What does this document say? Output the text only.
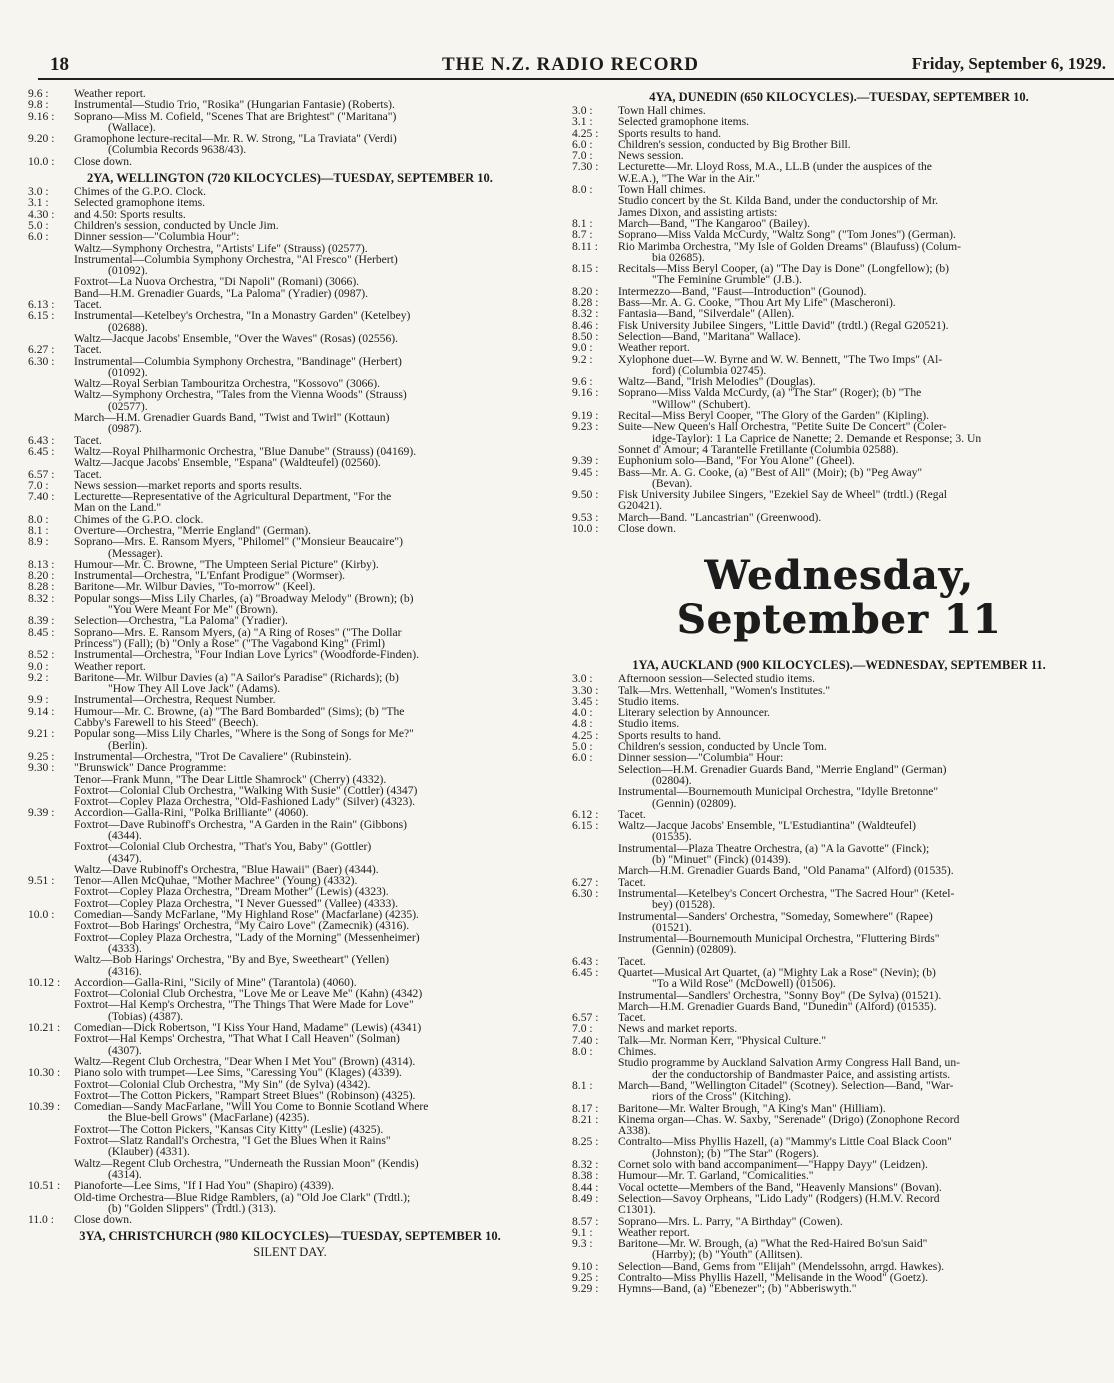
18	THE N.Z. RADIO RECORD	Friday, September 6, 1929.
9.6 :	Weather report.
9.8 :	Instrumental—Studio Trio, "Rosika" (Hungarian Fantasie) (Roberts).
9.16 :	Soprano—Miss M. Cofield, "Scenes That are Brightest" ("Maritana")
(Wallace).
9.20 :	Gramophone lecture-recital—Mr. R. W. Strong, "La Traviata" (Verdi)
(Columbia Records 9638/43).
10.0 :	Close down.
2YA, WELLINGTON (720 KILOCYCLES)—TUESDAY, SEPTEMBER 10.
3.0 :	Chimes of the G.P.O. Clock.
3.1 :	Selected gramophone items.
4.30 :	and 4.50: Sports results.
5.0 :	Children's session, conducted by Uncle Jim.
6.0 :	Dinner session—"Columbia Hour":
Waltz—Symphony Orchestra, "Artists' Life" (Strauss) (02577).
Instrumental—Columbia Symphony Orchestra, "Al Fresco" (Herbert)
(01092).
Foxtrot—La Nuova Orchestra, "Di Napoli" (Romani) (3066).
Band—H.M. Grenadier Guards, "La Paloma" (Yradier) (0987).
6.13 :	Tacet.
6.15 :	Instrumental—Ketelbey's Orchestra, "In a Monastry Garden" (Ketelbey)
(02688).
Waltz—Jacque Jacobs' Ensemble, "Over the Waves" (Rosas) (02556).
6.27 :	Tacet.
6.30 :	Instrumental—Columbia Symphony Orchestra, "Bandinage" (Herbert)
(01092).
Waltz—Royal Serbian Tambouritza Orchestra, "Kossovo" (3066).
Waltz—Symphony Orchestra, "Tales from the Vienna Woods" (Strauss)
(02577).
March—H.M. Grenadier Guards Band, "Twist and Twirl" (Kottaun)
(0987).
6.43 :	Tacet.
6.45 :	Waltz—Royal Philharmonic Orchestra, "Blue Danube" (Strauss) (04169).
Waltz—Jacque Jacobs' Ensemble, "Espana" (Waldteufel) (02560).
6.57 :	Tacet.
7.0 :	News session—market reports and sports results.
7.40 :	Lecturette—Representative of the Agricultural Department, "For the
Man on the Land."
8.0 :	Chimes of the G.P.O. clock.
8.1 :	Overture—Orchestra, "Merrie England" (German).
8.9 :	Soprano—Mrs. E. Ransom Myers, "Philomel" ("Monsieur Beaucaire")
(Messager).
8.13 :	Humour—Mr. C. Browne, "The Umpteen Serial Picture" (Kirby).
8.20 :	Instrumental—Orchestra, "L'Enfant Prodigue" (Wormser).
8.28 :	Baritone—Mr. Wilbur Davies, "To-morrow" (Keel).
8.32 :	Popular songs—Miss Lily Charles, (a) "Broadway Melody" (Brown); (b)
"You Were Meant For Me" (Brown).
8.39 :	Selection—Orchestra, "La Paloma" (Yradier).
8.45 :	Soprano—Mrs. E. Ransom Myers, (a) "A Ring of Roses" ("The Dollar
Princess") (Fall); (b) "Only a Rose" ("The Vagabond King" (Friml)
8.52 :	Instrumental—Orchestra, "Four Indian Love Lyrics" (Woodforde-Finden).
9.0 :	Weather report.
9.2 :	Baritone—Mr. Wilbur Davies (a) "A Sailor's Paradise" (Richards); (b)
"How They All Love Jack" (Adams).
9.9 :	Instrumental—Orchestra, Request Number.
9.14 :	Humour—Mr. C. Browne, (a) "The Bard Bombarded" (Sims); (b) "The
Cabby's Farewell to his Steed" (Beech).
9.21 :	Popular song—Miss Lily Charles, "Where is the Song of Songs for Me?"
(Berlin).
9.25 :	Instrumental—Orchestra, "Trot De Cavaliere" (Rubinstein).
9.30 :	"Brunswick" Dance Programme:
Tenor—Frank Munn, "The Dear Little Shamrock" (Cherry) (4332).
Foxtrot—Colonial Club Orchestra, "Walking With Susie" (Cottler) (4347)
Foxtrot—Copley Plaza Orchestra, "Old-Fashioned Lady" (Silver) (4323).
9.39 :	Accordion—Galla-Rini, "Polka Brilliante" (4060).
Foxtrot—Dave Rubinoff's Orchestra, "A Garden in the Rain" (Gibbons)
(4344).
Foxtrot—Colonial Club Orchestra, "That's You, Baby" (Gottler)
(4347).
Waltz—Dave Rubinoff's Orchestra, "Blue Hawaii" (Baer) (4344).
9.51 :	Tenor—Allen McQuhae, "Mother Machree" (Young) (4332).
Foxtrot—Copley Plaza Orchestra, "Dream Mother" (Lewis) (4323).
Foxtrot—Copley Plaza Orchestra, "I Never Guessed" (Vallee) (4333).
10.0 :	Comedian—Sandy McFarlane, "My Highland Rose" (Macfarlane) (4235).
Foxtrot—Bob Harings' Orchestra, "My Cairo Love" (Zamecnik) (4316).
Foxtrot—Copley Plaza Orchestra, "Lady of the Morning" (Messenheimer)
(4333).
Waltz—Bob Harings' Orchestra, "By and Bye, Sweetheart" (Yellen)
(4316).
10.12 :	Accordion—Galla-Rini, "Sicily of Mine" (Tarantola) (4060).
Foxtrot—Colonial Club Orchestra, "Love Me or Leave Me" (Kahn) (4342)
Foxtrot—Hal Kemp's Orchestra, "The Things That Were Made for Love"
(Tobias) (4387).
10.21 :	Comedian—Dick Robertson, "I Kiss Your Hand, Madame" (Lewis) (4341)
Foxtrot—Hal Kemps' Orchestra, "That What I Call Heaven" (Solman)
(4307).
Waltz—Regent Club Orchestra, "Dear When I Met You" (Brown) (4314).
10.30 :	Piano solo with trumpet—Lee Sims, "Caressing You" (Klages) (4339).
Foxtrot—Colonial Club Orchestra, "My Sin" (de Sylva) (4342).
Foxtrot—The Cotton Pickers, "Rampart Street Blues" (Robinson) (4325).
10.39 :	Comedian—Sandy MacFarlane, "Will You Come to Bonnie Scotland Where
the Blue-bell Grows" (MacFarlane) (4235).
Foxtrot—The Cotton Pickers, "Kansas City Kitty" (Leslie) (4325).
Foxtrot—Slatz Randall's Orchestra, "I Get the Blues When it Rains"
(Klauber) (4331).
Waltz—Regent Club Orchestra, "Underneath the Russian Moon" (Kendis)
(4314).
10.51 :	Pianoforte—Lee Sims, "If I Had You" (Shapiro) (4339).
Old-time Orchestra—Blue Ridge Ramblers, (a) "Old Joe Clark" (Trdtl.);
(b) "Golden Slippers" (Trdtl.) (313).
11.0 :	Close down.
3YA, CHRISTCHURCH (980 KILOCYCLES)—TUESDAY, SEPTEMBER 10.
SILENT DAY.
4YA, DUNEDIN (650 KILOCYCLES).—TUESDAY, SEPTEMBER 10.
3.0 :	Town Hall chimes.
3.1 :	Selected gramophone items.
4.25 :	Sports results to hand.
6.0 :	Children's session, conducted by Big Brother Bill.
7.0 :	News session.
7.30 :	Lecturette—Mr. Lloyd Ross, M.A., LL.B (under the auspices of the
W.E.A.), "The War in the Air."
8.0 :	Town Hall chimes.
Studio concert by the St. Kilda Band, under the conductorship of Mr.
James Dixon, and assisting artists:
8.1 :	March—Band, "The Kangaroo" (Bailey).
8.7 :	Soprano—Miss Valda McCurdy, "Waltz Song" ("Tom Jones") (German).
8.11 :	Rio Marimba Orchestra, "My Isle of Golden Dreams" (Blaufuss) (Colum-
bia 02685).
8.15 :	Recitals—Miss Beryl Cooper, (a) "The Day is Done" (Longfellow); (b)
"The Feminine Grumble" (J.B.).
8.20 :	Intermezzo—Band, "Faust—Introduction" (Gounod).
8.28 :	Bass—Mr. A. G. Cooke, "Thou Art My Life" (Mascheroni).
8.32 :	Fantasia—Band, "Silverdale" (Allen).
8.46 :	Fisk University Jubilee Singers, "Little David" (trdtl.) (Regal G20521).
8.50 :	Selection—Band, "Maritana" Wallace).
9.0 :	Weather report.
9.2 :	Xylophone duet—W. Byrne and W. W. Bennett, "The Two Imps" (Al-
ford) (Columbia 02745).
9.6 :	Waltz—Band, "Irish Melodies" (Douglas).
9.16 :	Soprano—Miss Valda McCurdy, (a) "The Star" (Roger); (b) "The
"Willow" (Schubert).
9.19 :	Recital—Miss Beryl Cooper, "The Glory of the Garden" (Kipling).
9.23 :	Suite—New Queen's Hall Orchestra, "Petite Suite De Concert" (Coler-
idge-Taylor): 1 La Caprice de Nanette; 2. Demande et Response; 3. Un
Sonnet d' Amour; 4 Tarantelle Fretillante (Columbia 02588).
9.39 :	Euphonium solo—Band, "For You Alone" (Gheel).
9.45 :	Bass—Mr. A. G. Cooke, (a) "Best of All" (Moir); (b) "Peg Away"
(Bevan).
9.50 :	Fisk University Jubilee Singers, "Ezekiel Say de Wheel" (trdtl.) (Regal
G20421).
9.53 :	March—Band. "Lancastrian" (Greenwood).
10.0 :	Close down.
Wednesday, September 11
1YA, AUCKLAND (900 KILOCYCLES).—WEDNESDAY, SEPTEMBER 11.
3.0 :	Afternoon session—Selected studio items.
3.30 :	Talk—Mrs. Wettenhall, "Women's Institutes."
3.45 :	Studio items.
4.0 :	Literary selection by Announcer.
4.8 :	Studio items.
4.25 :	Sports results to hand.
5.0 :	Children's session, conducted by Uncle Tom.
6.0 :	Dinner session—"Columbia" Hour:
Selection—H.M. Grenadier Guards Band, "Merrie England" (German)
(02804).
Instrumental—Bournemouth Municipal Orchestra, "Idylle Bretonne"
(Gennin) (02809).
6.12 :	Tacet.
6.15 :	Waltz—Jacque Jacobs' Ensemble, "L'Estudiantina" (Waldteufel)
(01535).
Instrumental—Plaza Theatre Orchestra, (a) "A la Gavotte" (Finck);
(b) "Minuet" (Finck) (01439).
March—H.M. Grenadier Guards Band, "Old Panama" (Alford) (01535).
6.27 :	Tacet.
6.30 :	Instrumental—Ketelbey's Concert Orchestra, "The Sacred Hour" (Ketel-
bey) (01528).
Instrumental—Sanders' Orchestra, "Someday, Somewhere" (Rapee)
(01521).
Instrumental—Bournemouth Municipal Orchestra, "Fluttering Birds"
(Gennin) (02809).
6.43 :	Tacet.
6.45 :	Quartet—Musical Art Quartet, (a) "Mighty Lak a Rose" (Nevin); (b)
"To a Wild Rose" (McDowell) (01506).
Instrumental—Sandlers' Orchestra, "Sonny Boy" (De Sylva) (01521).
March—H.M. Grenadier Guards Band, "Dunedin" (Alford) (01535).
6.57 :	Tacet.
7.0 :	News and market reports.
7.40 :	Talk—Mr. Norman Kerr, "Physical Culture."
8.0 :	Chimes.
Studio programme by Auckland Salvation Army Congress Hall Band, un-
der the conductorship of Bandmaster Paice, and assisting artists.
8.1 :	March—Band, "Wellington Citadel" (Scotney). Selection—Band, "War-
riors of the Cross" (Kitching).
8.17 :	Baritone—Mr. Walter Brough, "A King's Man" (Hilliam).
8.21 :	Kinema organ—Chas. W. Saxby, "Serenade" (Drigo) (Zonophone Record
A338).
8.25 :	Contralto—Miss Phyllis Hazell, (a) "Mammy's Little Coal Black Coon"
(Johnston); (b) "The Star" (Rogers).
8.32 :	Cornet solo with band accompaniment—"Happy Dayy" (Leidzen).
8.38 :	Humour—Mr. T. Garland, "Comicalities."
8.44 :	Vocal octette—Members of the Band, "Heavenly Mansions" (Bovan).
8.49 :	Selection—Savoy Orpheans, "Lido Lady" (Rodgers) (H.M.V. Record
C1301).
8.57 :	Soprano—Mrs. L. Parry, "A Birthday" (Cowen).
9.1 :	Weather report.
9.3 :	Baritone—Mr. W. Brough, (a) "What the Red-Haired Bo'sun Said"
(Harrby); (b) "Youth" (Allitsen).
9.10 :	Selection—Band, Gems from "Elijah" (Mendelssohn, arrgd. Hawkes).
9.25 :	Contralto—Miss Phyllis Hazell, "Melisande in the Wood" (Goetz).
9.29 :	Hymns—Band, (a) "Ebenezer"; (b) "Abberiswyth."
